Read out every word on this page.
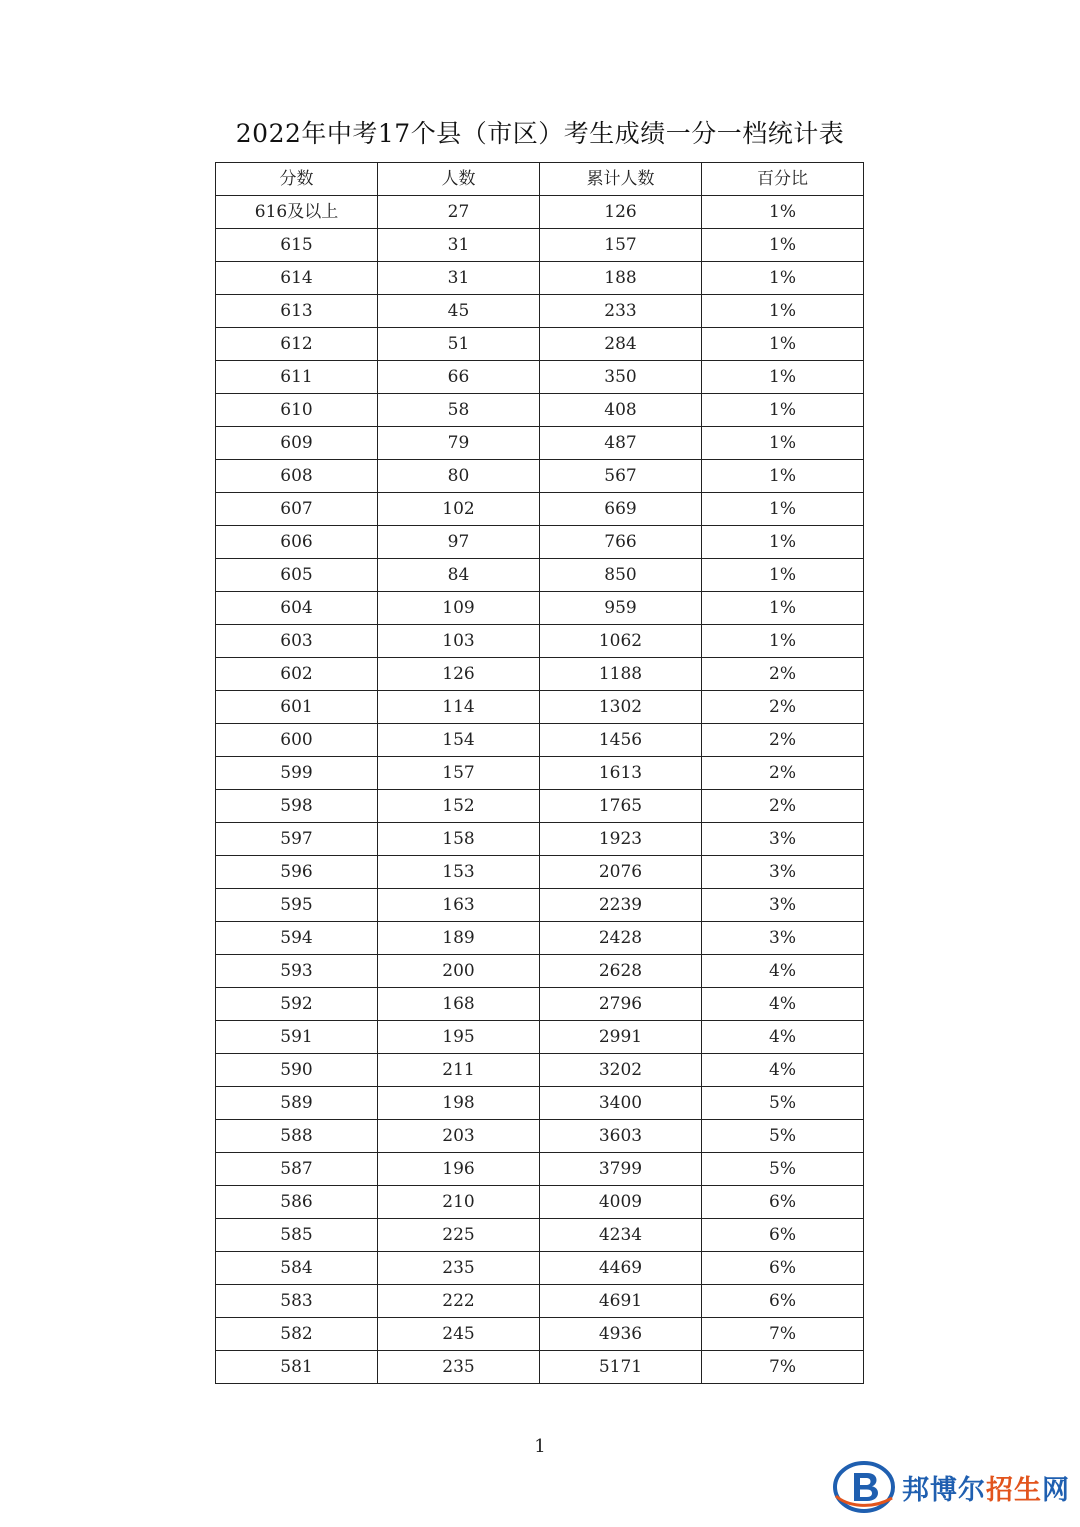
2022年中考17个县（市区）考生成绩一分一档统计表
分数	人数	累计人数	百分比
616及以上	27	126	1%
615	31	157	1%
614	31	188	1%
613	45	233	1%
612	51	284	1%
611	66	350	1%
610	58	408	1%
609	79	487	1%
608	80	567	1%
607	102	669	1%
606	97	766	1%
605	84	850	1%
604	109	959	1%
603	103	1062	1%
602	126	1188	2%
601	114	1302	2%
600	154	1456	2%
599	157	1613	2%
598	152	1765	2%
597	158	1923	3%
596	153	2076	3%
595	163	2239	3%
594	189	2428	3%
593	200	2628	4%
592	168	2796	4%
591	195	2991	4%
590	211	3202	4%
589	198	3400	5%
588	203	3603	5%
587	196	3799	5%
586	210	4009	6%
585	225	4234	6%
584	235	4469	6%
583	222	4691	6%
582	245	4936	7%
581	235	5171	7%
1
邦博尔招生网
